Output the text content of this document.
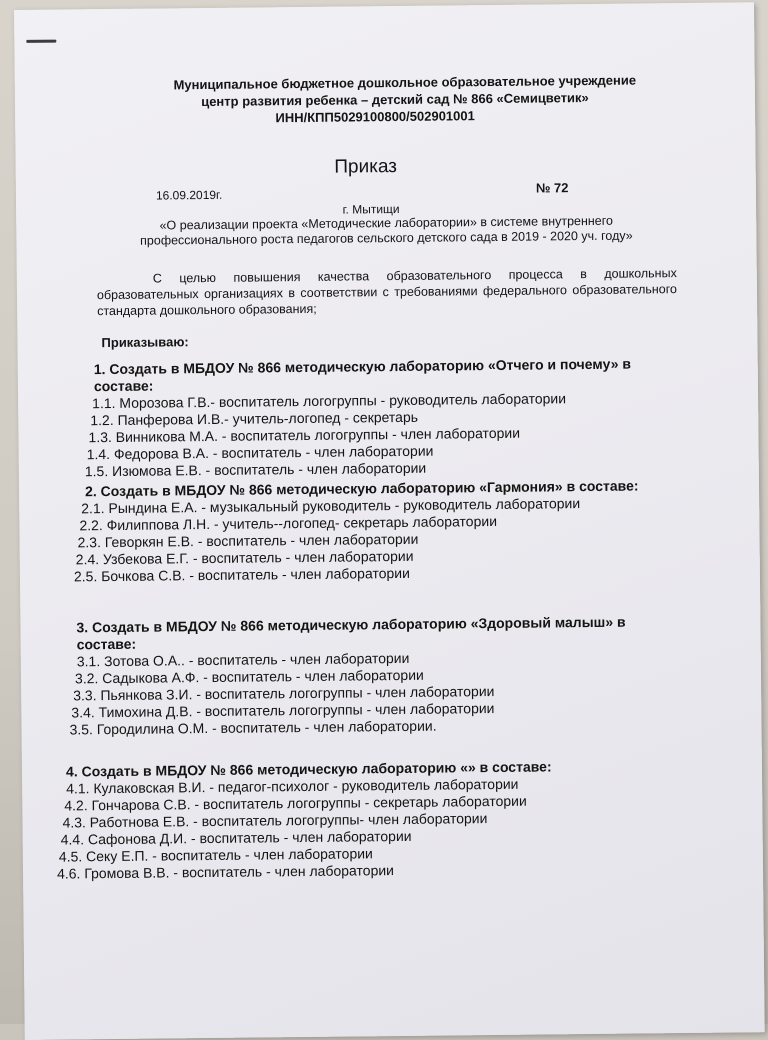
Муниципальное бюджетное дошкольное образовательное учреждение
центр развития ребенка – детский сад № 866 «Семицветик»
ИНН/КПП5029100800/502901001
Приказ
16.09.2019г.	№ 72
г. Мытищи
«О реализации проекта «Методические лаборатории» в системе внутреннего профессионального роста педагогов сельского детского сада в 2019 - 2020 уч. году»
С целью повышения качества образовательного процесса в дошкольных образовательных организациях в соответствии с требованиями федерального образовательного стандарта дошкольного образования;
Приказываю:
1. Создать в МБДОУ № 866 методическую лабораторию «Отчего и почему» в составе:
1.1. Морозова Г.В.- воспитатель логогруппы - руководитель лаборатории
1.2. Панферова И.В.- учитель-логопед - секретарь
1.3. Винникова М.А. - воспитатель логогруппы - член лаборатории
1.4. Федорова В.А. - воспитатель - член лаборатории
1.5. Изюмова Е.В. - воспитатель - член лаборатории
2. Создать в МБДОУ № 866 методическую лабораторию «Гармония» в составе:
2.1. Рындина Е.А. - музыкальный руководитель - руководитель лаборатории
2.2. Филиппова Л.Н. - учитель--логопед- секретарь лаборатории
2.3. Геворкян Е.В. - воспитатель - член лаборатории
2.4. Узбекова Е.Г. - воспитатель - член лаборатории
2.5. Бочкова С.В. - воспитатель - член лаборатории
3. Создать в МБДОУ № 866 методическую лабораторию «Здоровый малыш» в составе:
3.1. Зотова О.А.. - воспитатель - член лаборатории
3.2. Садыкова А.Ф. - воспитатель - член лаборатории
3.3. Пьянкова З.И. - воспитатель логогруппы - член лаборатории
3.4. Тимохина Д.В. - воспитатель логогруппы - член лаборатории
3.5. Городилина О.М. - воспитатель - член лаборатории.
4. Создать в МБДОУ № 866 методическую лабораторию «» в составе:
4.1. Кулаковская В.И. - педагог-психолог - руководитель лаборатории
4.2. Гончарова С.В. - воспитатель логогруппы - секретарь лаборатории
4.3. Работнова Е.В. - воспитатель логогруппы- член лаборатории
4.4. Сафонова Д.И. - воспитатель - член лаборатории
4.5. Секу Е.П. - воспитатель - член лаборатории
4.6. Громова В.В. - воспитатель - член лаборатории
